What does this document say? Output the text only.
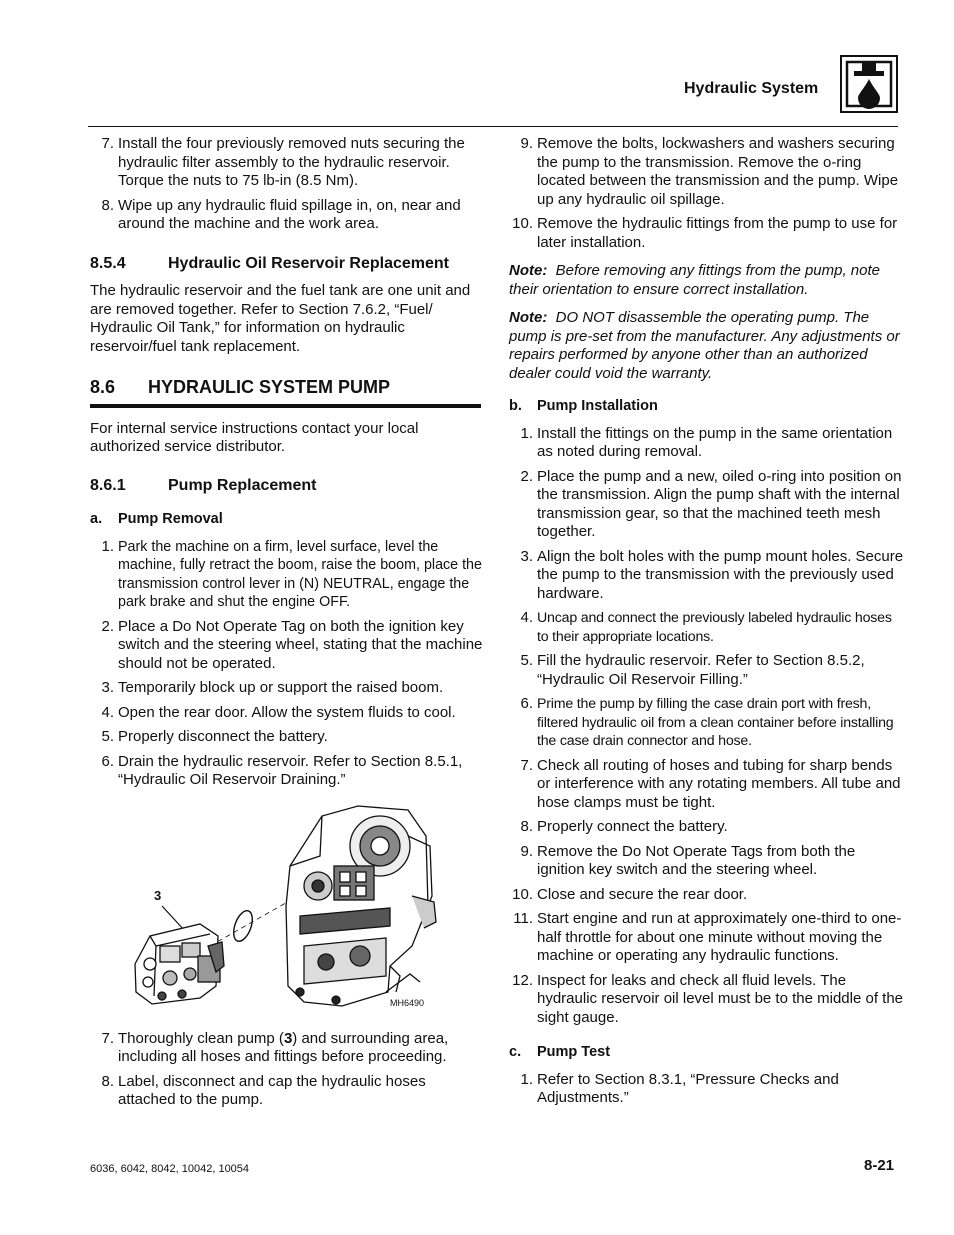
Hydraulic System
7. Install the four previously removed nuts securing the hydraulic filter assembly to the hydraulic reservoir. Torque the nuts to 75 lb-in (8.5 Nm).
8. Wipe up any hydraulic fluid spillage in, on, near and around the machine and the work area.
8.5.4	Hydraulic Oil Reservoir Replacement
The hydraulic reservoir and the fuel tank are one unit and are removed together. Refer to Section 7.6.2, “Fuel/ Hydraulic Oil Tank,” for information on hydraulic reservoir/fuel tank replacement.
8.6 HYDRAULIC SYSTEM PUMP
For internal service instructions contact your local authorized service distributor.
8.6.1	Pump Replacement
a. Pump Removal
1. Park the machine on a firm, level surface, level the machine, fully retract the boom, raise the boom, place the transmission control lever in (N) NEUTRAL, engage the park brake and shut the engine OFF.
2. Place a Do Not Operate Tag on both the ignition key switch and the steering wheel, stating that the machine should not be operated.
3. Temporarily block up or support the raised boom.
4. Open the rear door. Allow the system fluids to cool.
5. Properly disconnect the battery.
6. Drain the hydraulic reservoir. Refer to Section 8.5.1, “Hydraulic Oil Reservoir Draining.”
3
MH6490
7. Thoroughly clean pump (3) and surrounding area, including all hoses and fittings before proceeding.
8. Label, disconnect and cap the hydraulic hoses attached to the pump.
9. Remove the bolts, lockwashers and washers securing the pump to the transmission. Remove the o-ring located between the transmission and the pump. Wipe up any hydraulic oil spillage.
10. Remove the hydraulic fittings from the pump to use for later installation.
Note: Before removing any fittings from the pump, note their orientation to ensure correct installation.
Note: DO NOT disassemble the operating pump. The pump is pre-set from the manufacturer. Any adjustments or repairs performed by anyone other than an authorized dealer could void the warranty.
b. Pump Installation
1. Install the fittings on the pump in the same orientation as noted during removal.
2. Place the pump and a new, oiled o-ring into position on the transmission. Align the pump shaft with the internal transmission gear, so that the machined teeth mesh together.
3. Align the bolt holes with the pump mount holes. Secure the pump to the transmission with the previously used hardware.
4. Uncap and connect the previously labeled hydraulic hoses to their appropriate locations.
5. Fill the hydraulic reservoir. Refer to Section 8.5.2, “Hydraulic Oil Reservoir Filling.”
6. Prime the pump by filling the case drain port with fresh, filtered hydraulic oil from a clean container before installing the case drain connector and hose.
7. Check all routing of hoses and tubing for sharp bends or interference with any rotating members. All tube and hose clamps must be tight.
8. Properly connect the battery.
9. Remove the Do Not Operate Tags from both the ignition key switch and the steering wheel.
10. Close and secure the rear door.
11. Start engine and run at approximately one-third to one-half throttle for about one minute without moving the machine or operating any hydraulic functions.
12. Inspect for leaks and check all fluid levels. The hydraulic reservoir oil level must be to the middle of the sight gauge.
c. Pump Test
1. Refer to Section 8.3.1, “Pressure Checks and Adjustments.”
6036, 6042, 8042, 10042, 10054	8-21
